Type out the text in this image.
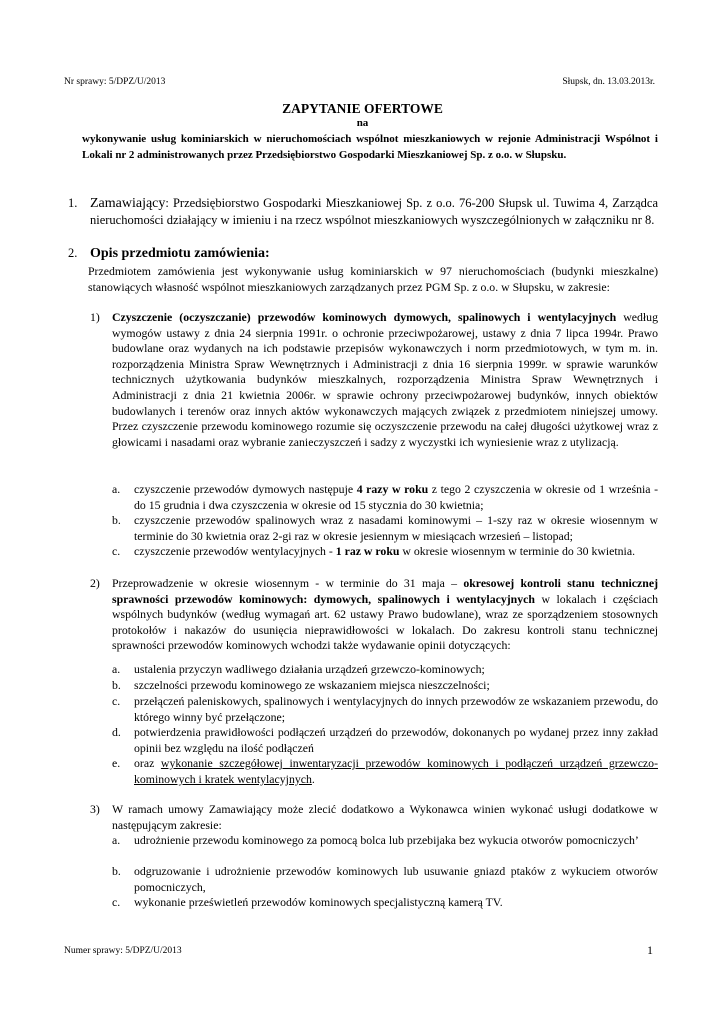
Nr sprawy: 5/DPZ/U/2013	Słupsk, dn. 13.03.2013r.
ZAPYTANIE OFERTOWE
na
wykonywanie usług kominiarskich w nieruchomościach wspólnot mieszkaniowych w rejonie Administracji Wspólnot i Lokali nr 2 administrowanych przez Przedsiębiorstwo Gospodarki Mieszkaniowej Sp. z o.o. w Słupsku.
1. Zamawiający: Przedsiębiorstwo Gospodarki Mieszkaniowej Sp. z o.o. 76-200 Słupsk ul. Tuwima 4, Zarządca nieruchomości działający w imieniu i na rzecz wspólnot mieszkaniowych wyszczególnionych w załączniku nr 8.
2. Opis przedmiotu zamówienia:
Przedmiotem zamówienia jest wykonywanie usług kominiarskich w 97 nieruchomościach (budynki mieszkalne) stanowiących własność wspólnot mieszkaniowych zarządzanych przez PGM Sp. z o.o. w Słupsku, w zakresie:
1) Czyszczenie (oczyszczanie) przewodów kominowych dymowych, spalinowych i wentylacyjnych według wymogów ustawy z dnia 24 sierpnia 1991r. o ochronie przeciwpożarowej, ustawy z dnia 7 lipca 1994r. Prawo budowlane oraz wydanych na ich podstawie przepisów wykonawczych i norm przedmiotowych, w tym m. in. rozporządzenia Ministra Spraw Wewnętrznych i Administracji z dnia 16 sierpnia 1999r. w sprawie warunków technicznych użytkowania budynków mieszkalnych, rozporządzenia Ministra Spraw Wewnętrznych i Administracji z dnia 21 kwietnia 2006r. w sprawie ochrony przeciwpożarowej budynków, innych obiektów budowlanych i terenów oraz innych aktów wykonawczych mających związek z przedmiotem niniejszej umowy. Przez czyszczenie przewodu kominowego rozumie się oczyszczenie przewodu na całej długości użytkowej wraz z głowicami i nasadami oraz wybranie zanieczyszczeń i sadzy z wyczystki ich wyniesienie wraz z utylizacją.
a. czyszczenie przewodów dymowych następuje 4 razy w roku z tego 2 czyszczenia w okresie od 1 września - do 15 grudnia i dwa czyszczenia w okresie od 15 stycznia do 30 kwietnia;
b. czyszczenie przewodów spalinowych wraz z nasadami kominowymi – 1-szy raz w okresie wiosennym w terminie do 30 kwietnia oraz 2-gi raz w okresie jesiennym w miesiącach wrzesień – listopad;
c. czyszczenie przewodów wentylacyjnych - 1 raz w roku w okresie wiosennym w terminie do 30 kwietnia.
2) Przeprowadzenie w okresie wiosennym - w terminie do 31 maja – okresowej kontroli stanu technicznej sprawności przewodów kominowych: dymowych, spalinowych i wentylacyjnych w lokalach i częściach wspólnych budynków (według wymagań art. 62 ustawy Prawo budowlane), wraz ze sporządzeniem stosownych protokołów i nakazów do usunięcia nieprawidłowości w lokalach. Do zakresu kontroli stanu technicznej sprawności przewodów kominowych wchodzi także wydawanie opinii dotyczących:
a. ustalenia przyczyn wadliwego działania urządzeń grzewczo-kominowych;
b. szczelności przewodu kominowego ze wskazaniem miejsca nieszczelności;
c. przełączeń paleniskowych, spalinowych i wentylacyjnych do innych przewodów ze wskazaniem przewodu, do którego winny być przełączone;
d. potwierdzenia prawidłowości podłączeń urządzeń do przewodów, dokonanych po wydanej przez inny zakład opinii bez względu na ilość podłączeń
e. oraz wykonanie szczegółowej inwentaryzacji przewodów kominowych i podłączeń urządzeń grzewczo-kominowych i kratek wentylacyjnych.
3) W ramach umowy Zamawiający może zlecić dodatkowo a Wykonawca winien wykonać usługi dodatkowe w następującym zakresie:
a. udrożnienie przewodu kominowego za pomocą bolca lub przebijaka bez wykucia otworów pomocniczych’
b. odgruzowanie i udrożnienie przewodów kominowych lub usuwanie gniazd ptaków z wykuciem otworów pomocniczych,
c. wykonanie prześwietleń przewodów kominowych specjalistyczną kamerą TV.
Numer sprawy: 5/DPZ/U/2013	1
